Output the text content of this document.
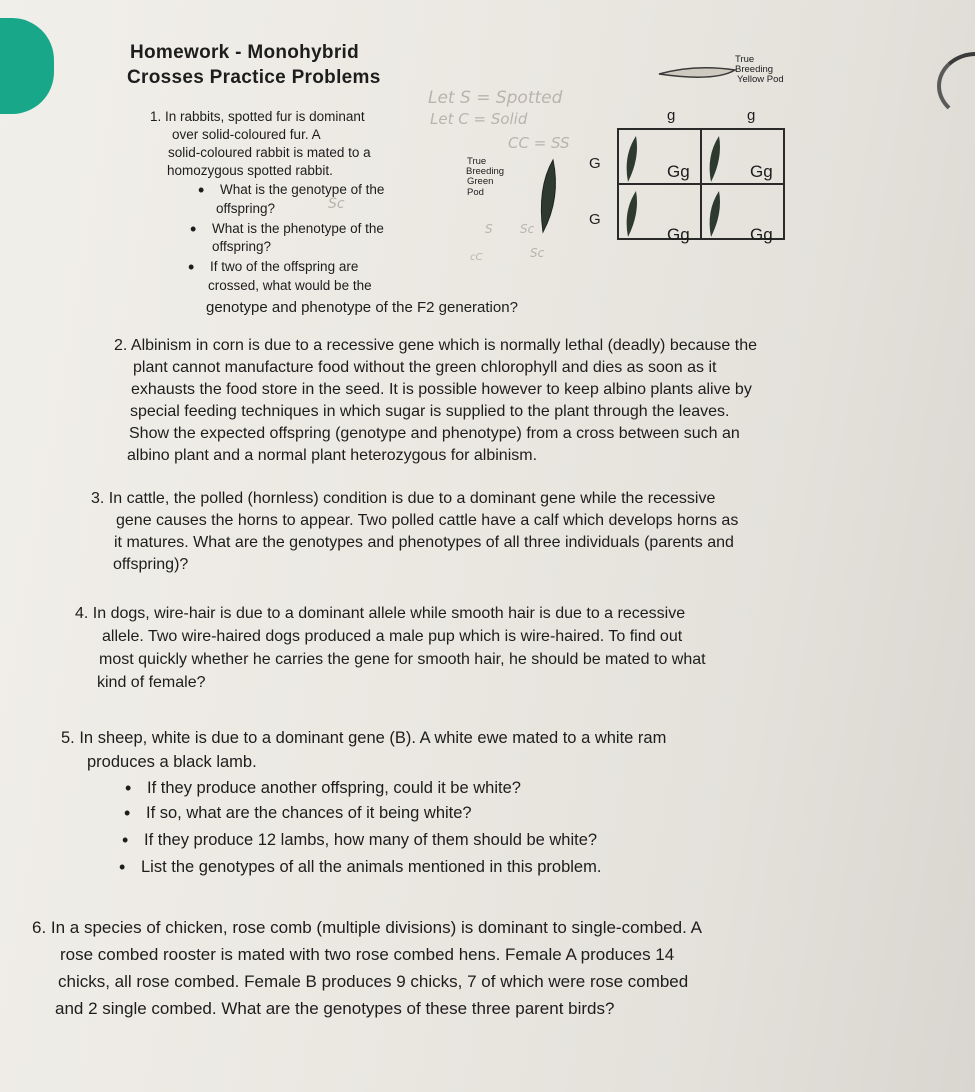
Homework - Monohybrid
Crosses Practice Problems
Let S = Spotted
Let C = Solid
CC = SS
Sc
S Sc
cC	Sc
True
Breeding
Yellow Pod
g	g
True
Breeding
Green
Pod
G
G
Gg	Gg
Gg	Gg
1. In rabbits, spotted fur is dominant
over solid-coloured fur. A
solid-coloured rabbit is mated to a
homozygous spotted rabbit.
• What is the genotype of the
offspring?
• What is the phenotype of the
offspring?
• If two of the offspring are
crossed, what would be the
genotype and phenotype of the F2 generation?
2. Albinism in corn is due to a recessive gene which is normally lethal (deadly) because the
plant cannot manufacture food without the green chlorophyll and dies as soon as it
exhausts the food store in the seed. It is possible however to keep albino plants alive by
special feeding techniques in which sugar is supplied to the plant through the leaves.
Show the expected offspring (genotype and phenotype) from a cross between such an
albino plant and a normal plant heterozygous for albinism.
3. In cattle, the polled (hornless) condition is due to a dominant gene while the recessive
gene causes the horns to appear. Two polled cattle have a calf which develops horns as
it matures. What are the genotypes and phenotypes of all three individuals (parents and
offspring)?
4. In dogs, wire-hair is due to a dominant allele while smooth hair is due to a recessive
allele. Two wire-haired dogs produced a male pup which is wire-haired. To find out
most quickly whether he carries the gene for smooth hair, he should be mated to what
kind of female?
5. In sheep, white is due to a dominant gene (B). A white ewe mated to a white ram
produces a black lamb.
• If they produce another offspring, could it be white?
• If so, what are the chances of it being white?
• If they produce 12 lambs, how many of them should be white?
• List the genotypes of all the animals mentioned in this problem.
6. In a species of chicken, rose comb (multiple divisions) is dominant to single-combed. A
rose combed rooster is mated with two rose combed hens. Female A produces 14
chicks, all rose combed. Female B produces 9 chicks, 7 of which were rose combed
and 2 single combed. What are the genotypes of these three parent birds?
